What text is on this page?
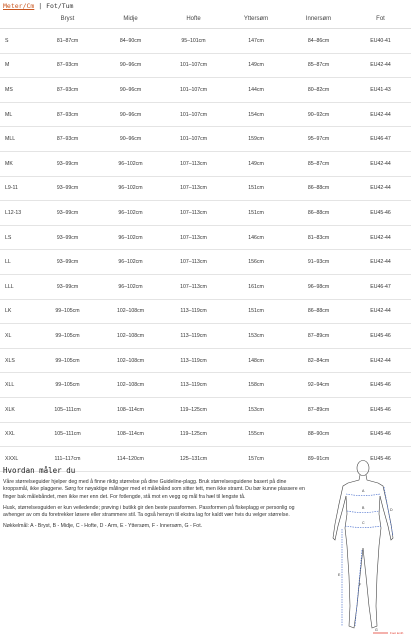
Meter/Cm | Fot/Tum
	Bryst	Midje	Hofte	Yttersøm	Innersøm	Fot
S	81–87cm	84–90cm	95–101cm	147cm	84–86cm	EU40-41
M	87–93cm	90–96cm	101–107cm	149cm	85–87cm	EU42-44
MS	87–93cm	90–96cm	101–107cm	144cm	80–82cm	EU41-43
ML	87–93cm	90–96cm	101–107cm	154cm	90–92cm	EU42-44
MLL	87–93cm	90–96cm	101–107cm	159cm	95–97cm	EU46-47
MK	93–99cm	96–102cm	107–113cm	149cm	85–87cm	EU42-44
L9-11	93–99cm	96–102cm	107–113cm	151cm	86–88cm	EU42-44
L12-13	93–99cm	96–102cm	107–113cm	151cm	86–88cm	EU45-46
LS	93–99cm	96–102cm	107–113cm	146cm	81–83cm	EU42-44
LL	93–99cm	96–102cm	107–113cm	156cm	91–93cm	EU42-44
LLL	93–99cm	96–102cm	107–113cm	161cm	96–98cm	EU46-47
LK	99–105cm	102–108cm	113–119cm	151cm	86–88cm	EU42-44
XL	99–105cm	102–108cm	113–119cm	153cm	87–89cm	EU45-46
XLS	99–105cm	102–108cm	113–119cm	148cm	82–84cm	EU42-44
XLL	99–105cm	102–108cm	113–119cm	158cm	92–94cm	EU45-46
XLK	105–111cm	108–114cm	119–125cm	153cm	87–89cm	EU45-46
XXL	105–111cm	108–114cm	119–125cm	155cm	88–90cm	EU45-46
XXXL	111–117cm	114–120cm	125–131cm	157cm	89–91cm	EU45-46
Hvordan måler du

Våre størrelseguider hjelper deg med å finne riktig størrelse på dine Guideline-plagg. Bruk størrelsesguidene basert på dine kroppsmål, ikke plaggene. Sørg for nøyaktige målinger med et målebånd som sitter tett, men ikke stramt. Du bør kunne plassere en finger bak målebåndet, men ikke mer enn det. For fotlengde, stå mot en vegg og mål fra hæl til lengste tå.

Husk, størrelsesguiden er kun veiledende; prøving i butikk gir den beste passformen. Passformen på fiskeplagg er personlig og avhenger av om du foretrekker løsere eller strammere stil. Ta også hensyn til ekstra lag for kaldt vær hvis du velger størrelse.

Nøkkelmål: A - Bryst, B - Midje, C - Hofte, D - Arm, E - Yttersøm, F - Innersøm, G - Fot.

A
B
C
D
E
F
G
Foot lenth
